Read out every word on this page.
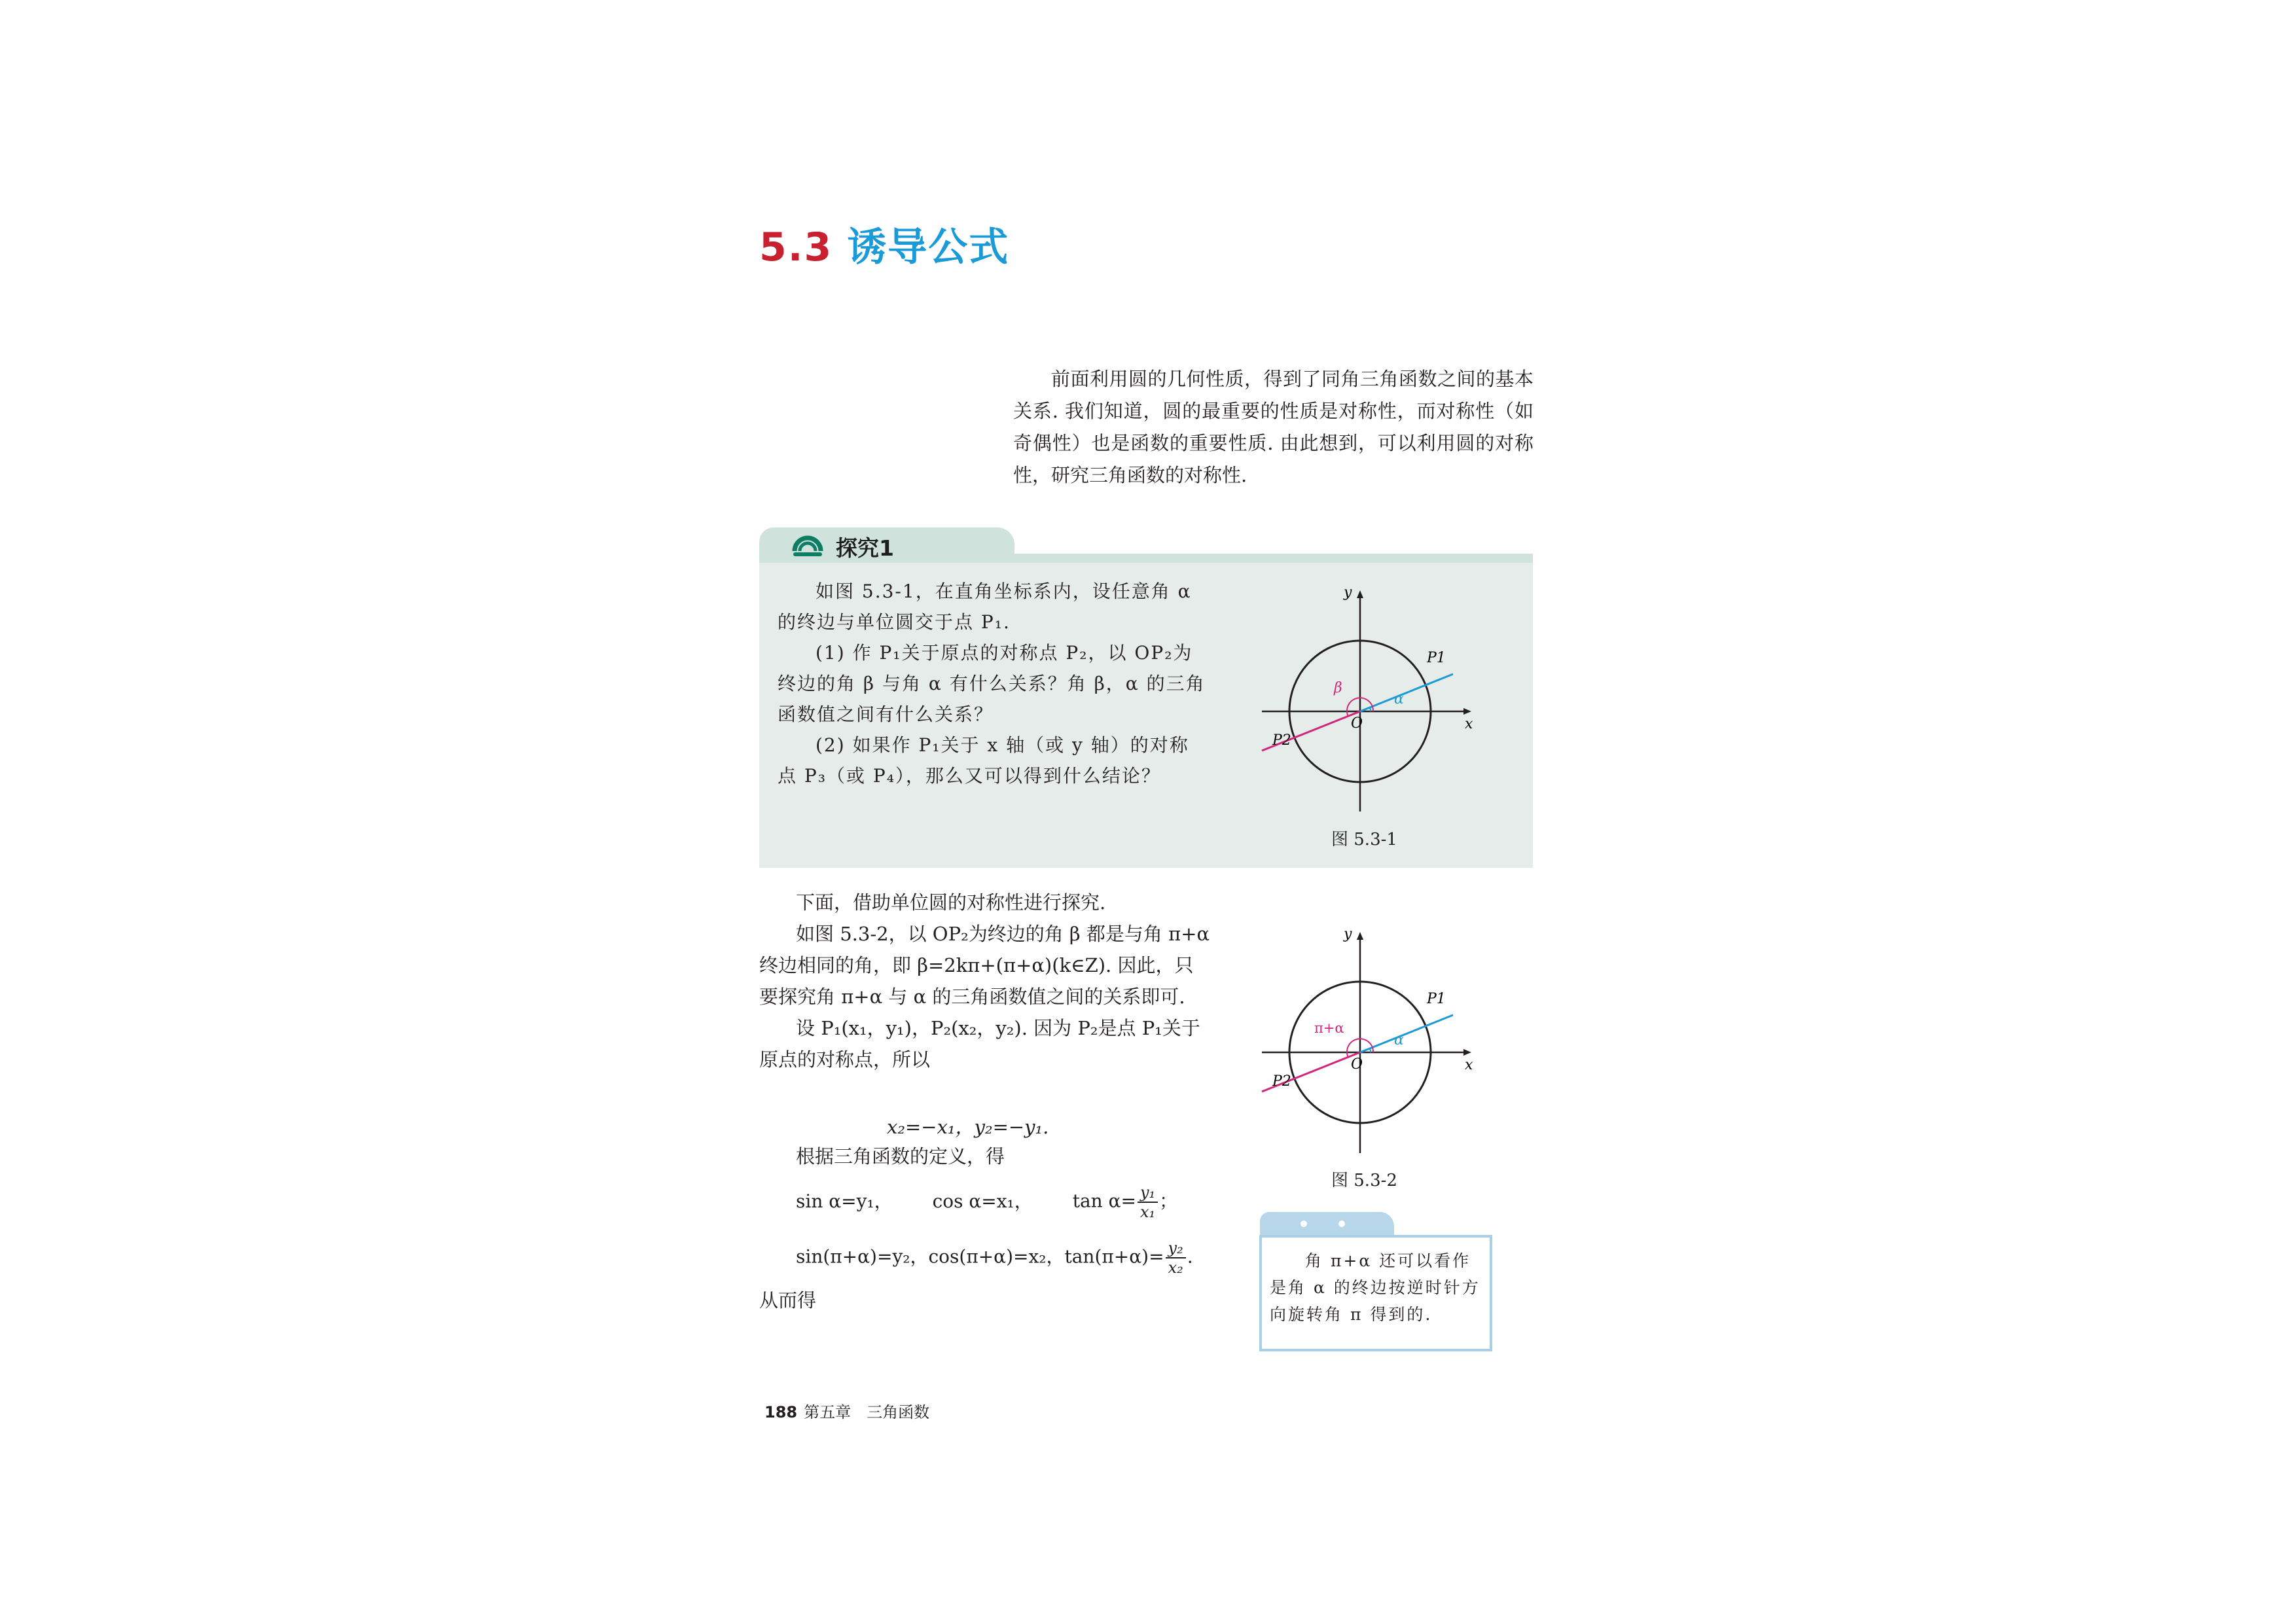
5.3 诱导公式

前面利用圆的几何性质，得到了同角三角函数之间的基本关系. 我们知道，圆的最重要的性质是对称性，而对称性（如奇偶性）也是函数的重要性质. 由此想到，可以利用圆的对称性，研究三角函数的对称性.

探究1

如图 5.3-1，在直角坐标系内，设任意角 α 的终边与单位圆交于点 P₁.

(1) 作 P₁关于原点的对称点 P₂，以 OP₂为终边的角 β 与角 α 有什么关系？角 β，α 的三角函数值之间有什么关系？

(2) 如果作 P₁关于 x 轴（或 y 轴）的对称点 P₃（或 P₄），那么又可以得到什么结论？

y
x
O
P1
P2
α
β
图 5.3-1

下面，借助单位圆的对称性进行探究.

如图 5.3-2，以 OP₂为终边的角 β 都是与角 π+α 终边相同的角，即 β=2kπ+(π+α)(k∈Z). 因此，只要探究角 π+α 与 α 的三角函数值之间的关系即可.

设 P₁(x₁，y₁)，P₂(x₂，y₂). 因为 P₂是点 P₁关于原点的对称点，所以

x₂=−x₁，y₂=−y₁.
根据三角函数的定义，得
sin α=y₁， cos α=x₁， $\tan \alpha= \frac{\text{y₁}}{\text{x₁}}$ ；
sin(π+α)=y₂，cos(π+α)=x₂，$\tan(\pi+\alpha)= \frac{\text{y₂}}{\text{x₂}}$ .
从而得
y
x
O
P1
P2
α
π+α
图 5.3-2

角 π+α 还可以看作是角 α 的终边按逆时针方向旋转角 π 得到的.

188 第五章　三角函数
